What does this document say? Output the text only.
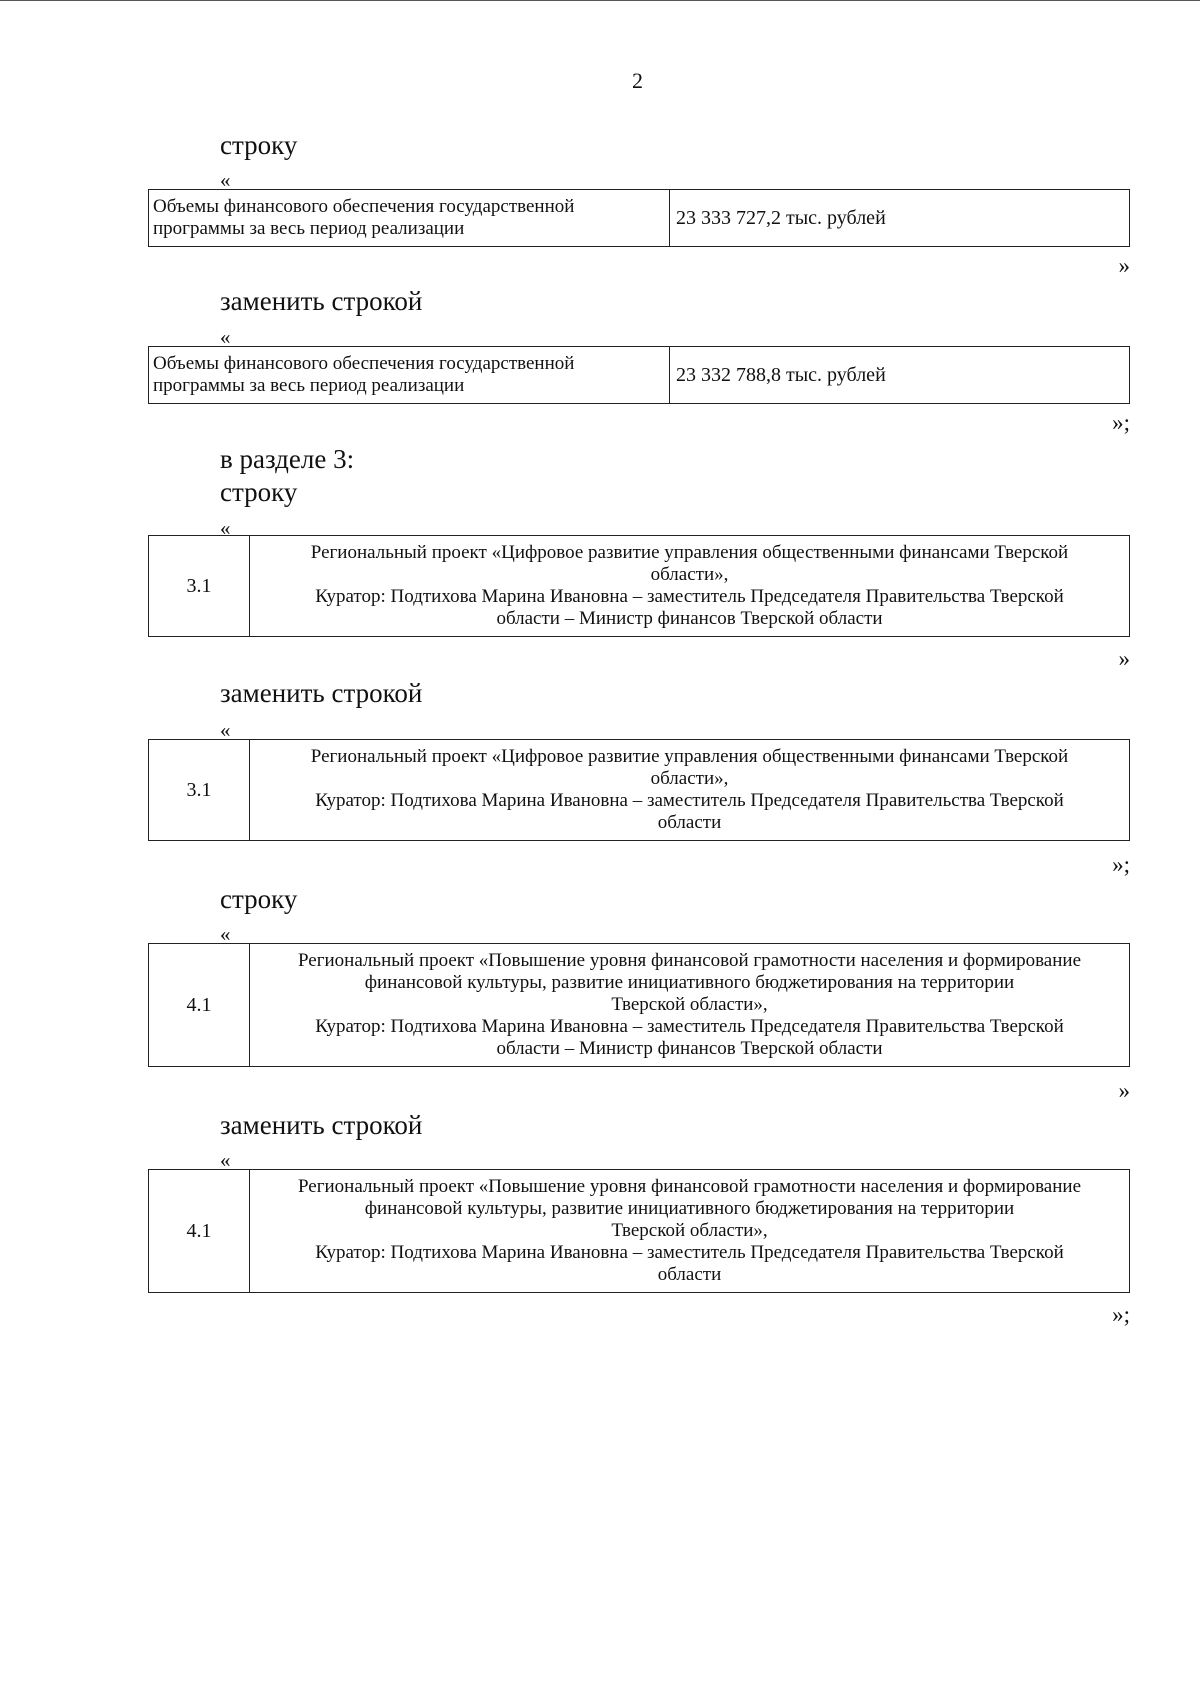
2
строку
«
Объемы финансового обеспечения государственной
программы за весь период реализации	23 333 727,2 тыс. рублей
»
заменить строкой
«
Объемы финансового обеспечения государственной
программы за весь период реализации	23 332 788,8 тыс. рублей
»;
в разделе 3:
строку
«
3.1	
Региональный проект «Цифровое развитие управления общественными финансами Тверской
области»,
Куратор: Подтихова Марина Ивановна – заместитель Председателя Правительства Тверской
области – Министр финансов Тверской области
»
заменить строкой
«
3.1	
Региональный проект «Цифровое развитие управления общественными финансами Тверской
области»,
Куратор: Подтихова Марина Ивановна – заместитель Председателя Правительства Тверской
области
»;
строку
«
4.1	
Региональный проект «Повышение уровня финансовой грамотности населения и формирование
финансовой культуры, развитие инициативного бюджетирования на территории
Тверской области»,
Куратор: Подтихова Марина Ивановна – заместитель Председателя Правительства Тверской
области – Министр финансов Тверской области
»
заменить строкой
«
4.1	
Региональный проект «Повышение уровня финансовой грамотности населения и формирование
финансовой культуры, развитие инициативного бюджетирования на территории
Тверской области»,
Куратор: Подтихова Марина Ивановна – заместитель Председателя Правительства Тверской
области
»;
